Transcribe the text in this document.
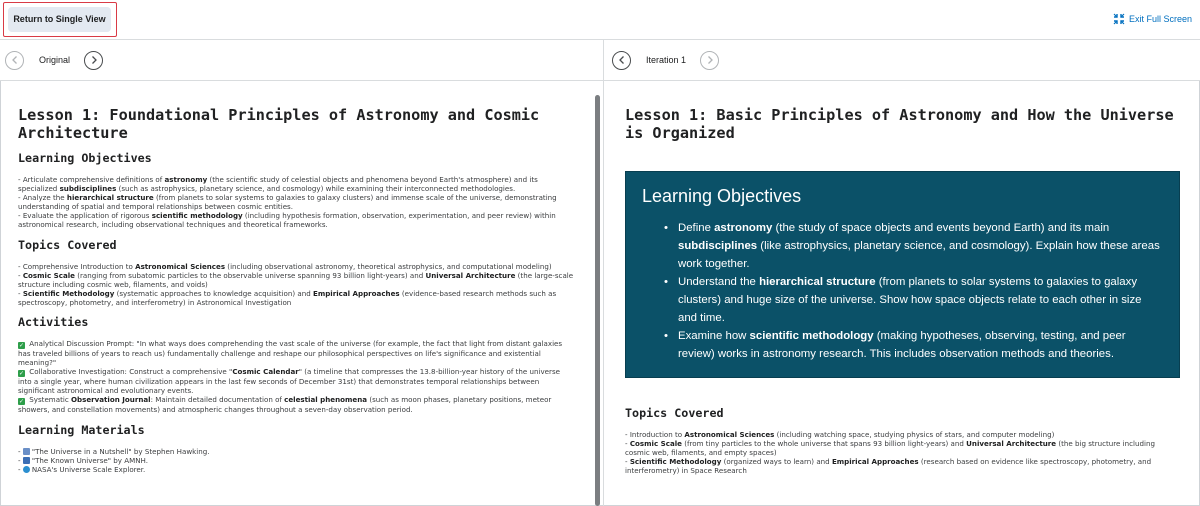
Return to Single View	Exit Full Screen
Original	Iteration 1
Lesson 1: Foundational Principles of Astronomy and Cosmic Architecture
Learning Objectives
- Articulate comprehensive definitions of astronomy (the scientific study of celestial objects and phenomena beyond Earth's atmosphere) and its specialized subdisciplines (such as astrophysics, planetary science, and cosmology) while examining their interconnected methodologies.
- Analyze the hierarchical structure (from planets to solar systems to galaxies to galaxy clusters) and immense scale of the universe, demonstrating understanding of spatial and temporal relationships between cosmic entities.
- Evaluate the application of rigorous scientific methodology (including hypothesis formation, observation, experimentation, and peer review) within astronomical research, including observational techniques and theoretical frameworks.
Topics Covered
- Comprehensive Introduction to Astronomical Sciences (including observational astronomy, theoretical astrophysics, and computational modeling)
- Cosmic Scale (ranging from subatomic particles to the observable universe spanning 93 billion light-years) and Universal Architecture (the large-scale structure including cosmic web, filaments, and voids)
- Scientific Methodology (systematic approaches to knowledge acquisition) and Empirical Approaches (evidence-based research methods such as spectroscopy, photometry, and interferometry) in Astronomical Investigation
Activities
✓ Analytical Discussion Prompt: "In what ways does comprehending the vast scale of the universe (for example, the fact that light from distant galaxies has traveled billions of years to reach us) fundamentally challenge and reshape our philosophical perspectives on life's significance and existential meaning?"
✓ Collaborative Investigation: Construct a comprehensive "Cosmic Calendar" (a timeline that compresses the 13.8-billion-year history of the universe into a single year, where human civilization appears in the last few seconds of December 31st) that demonstrates temporal relationships between significant astronomical and evolutionary events.
✓ Systematic Observation Journal: Maintain detailed documentation of celestial phenomena (such as moon phases, planetary positions, meteor showers, and constellation movements) and atmospheric changes throughout a seven-day observation period.
Learning Materials
- "The Universe in a Nutshell" by Stephen Hawking.
- "The Known Universe" by AMNH.
- NASA's Universe Scale Explorer.
Lesson 1: Basic Principles of Astronomy and How the Universe is Organized
Learning Objectives
• Define astronomy (the study of space objects and events beyond Earth) and its main subdisciplines (like astrophysics, planetary science, and cosmology). Explain how these areas work together.
• Understand the hierarchical structure (from planets to solar systems to galaxies to galaxy clusters) and huge size of the universe. Show how space objects relate to each other in size and time.
• Examine how scientific methodology (making hypotheses, observing, testing, and peer review) works in astronomy research. This includes observation methods and theories.
Topics Covered
- Introduction to Astronomical Sciences (including watching space, studying physics of stars, and computer modeling)
- Cosmic Scale (from tiny particles to the whole universe that spans 93 billion light-years) and Universal Architecture (the big structure including cosmic web, filaments, and empty spaces)
- Scientific Methodology (organized ways to learn) and Empirical Approaches (research based on evidence like spectroscopy, photometry, and interferometry) in Space Research
